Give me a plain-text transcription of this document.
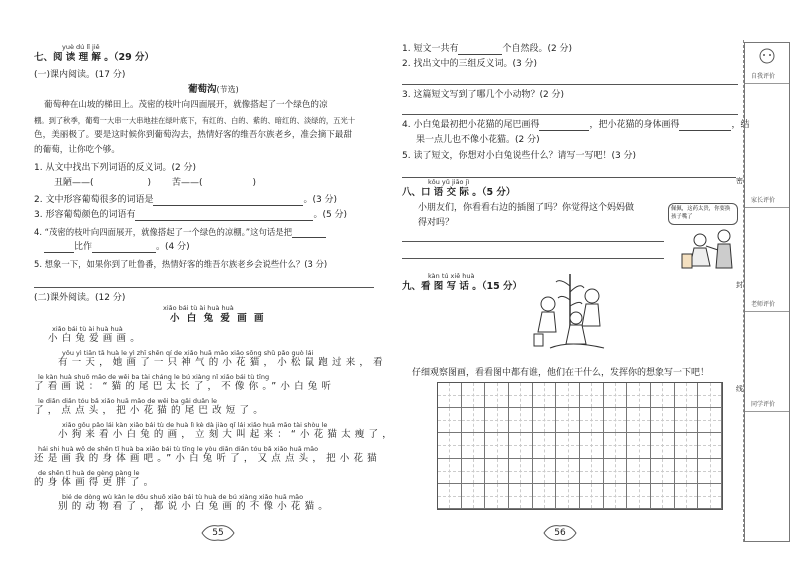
yuè dú lǐ jiě
七、阅 读 理 解 。（29 分）
(一)课内阅读。(17 分)
葡萄沟(节选)
葡萄种在山坡的梯田上。茂密的枝叶向四面展开，就像搭起了一个绿色的凉
棚。到了秋季，葡萄一大串一大串地挂在绿叶底下，有红的、白的、紫的、暗红的、淡绿的，五光十
色，美丽极了。要是这时候你到葡萄沟去，热情好客的维吾尔族老乡，准会摘下最甜
的葡萄，让你吃个够。
1. 从文中找出下列词语的反义词。(2 分)
丑陋——(	) 苦——(	)
2. 文中形容葡萄很多的词语是	。(3 分)
3. 形容葡萄颜色的词语有	。(5 分)
4. “茂密的枝叶向四面展开，就像搭起了一个绿色的凉棚。”这句话是把
比作	。(4 分)
5. 想象一下，如果你到了吐鲁番，热情好客的维吾尔族老乡会说些什么？(3 分)
(二)课外阅读。(12 分)
xiǎo bái tù ài huà huà
小 白 兔 爱 画 画
xiǎo bái tù ài huà huà
小白兔爱画画。
yǒu yì tiān tā huà le yì zhī shēn qí de xiǎo huā māo xiǎo sōng shǔ pǎo guò lái
有一天，她画了一只神气的小花猫，小松鼠跑过来，看
le kàn huà shuō māo de wěi ba tài cháng le bú xiàng nǐ xiǎo bái tù tīng
了看画说：“猫的尾巴太长了，不像你。”小白兔听
le diǎn diǎn tóu bǎ xiǎo huā māo de wěi ba gǎi duǎn le
了，点点头，把小花猫的尾巴改短了。
xiǎo gǒu pǎo lái kàn xiǎo bái tù de huà lì kè dà jiào qǐ lái xiǎo huā māo tài shòu le
小狗来看小白兔的画，立刻大叫起来：“小花猫太瘦了，
hái shi huà wǒ de shēn tǐ huà ba xiǎo bái tù tīng le yòu diǎn diǎn tóu bǎ xiǎo huā māo
还是画我的身体画吧。”小白兔听了，又点点头，把小花猫
de shēn tǐ huà de gèng pàng le
的身体画得更胖了。
bié de dòng wù kàn le dōu shuō xiǎo bái tù huà de bú xiàng xiǎo huā māo
别的动物看了，都说小白兔画的不像小花猫。
55
1. 短文一共有	个自然段。(2 分)
2. 找出文中的三组反义词。(3 分)
3. 这篇短文写到了哪几个小动物？(2 分)
4. 小白兔最初把小花猫的尾巴画得	，把小花猫的身体画得	，结
果一点儿也不像小花猫。(2 分)
5. 读了短文，你想对小白兔说些什么？请写一写吧！(3 分)
kǒu yǔ jiāo jì
八、口 语 交 际 。（5 分）
小朋友们，你看看右边的插图了吗？你觉得这个妈妈做
得对吗？
佩佩，这药太贵，你要换孩子嘴了
kàn tú xiě huà
九、看 图 写 话 。（15 分）
仔细观察图画，看看图中都有谁，他们在干什么，发挥你的想象写一下吧！
56
自我评价
家长评价
老师评价
同学评价
密
封
线
